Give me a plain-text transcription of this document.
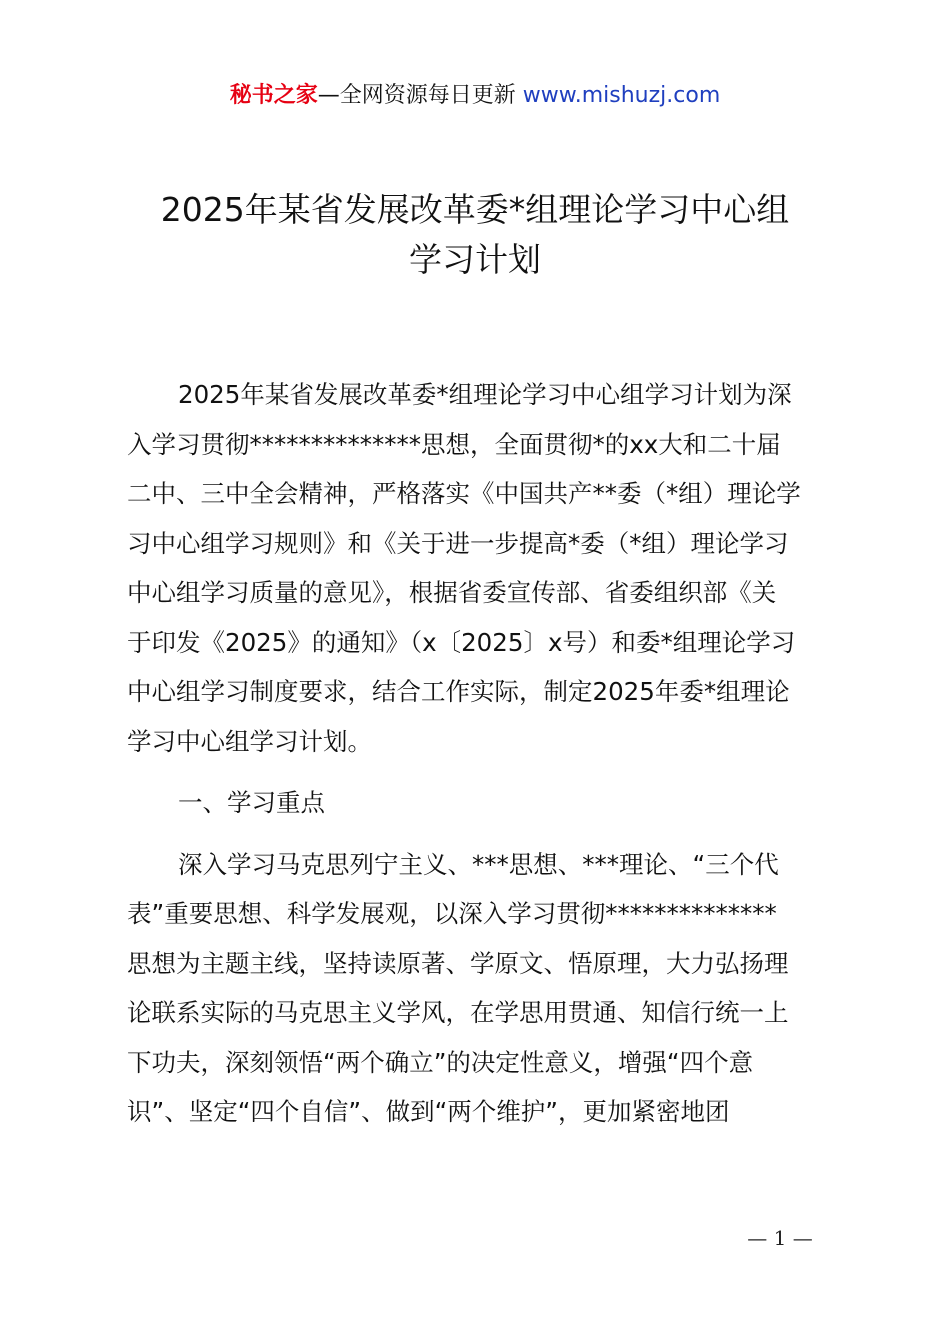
秘书之家—全网资源每日更新 www.mishuzj.com
2025年某省发展改革委*组理论学习中心组
学习计划
2025年某省发展改革委*组理论学习中心组学习计划为深
入学习贯彻**************思想，全面贯彻*的xx大和二十届
二中、三中全会精神，严格落实《中国共产**委（*组）理论学
习中心组学习规则》和《关于进一步提高*委（*组）理论学习
中心组学习质量的意见》，根据省委宣传部、省委组织部《关
于印发《2025》的通知》（x〔2025〕x号）和委*组理论学习
中心组学习制度要求，结合工作实际，制定2025年委*组理论
学习中心组学习计划。
一、学习重点
深入学习马克思列宁主义、***思想、***理论、“三个代
表”重要思想、科学发展观，以深入学习贯彻**************
思想为主题主线，坚持读原著、学原文、悟原理，大力弘扬理
论联系实际的马克思主义学风，在学思用贯通、知信行统一上
下功夫，深刻领悟“两个确立”的决定性意义，增强“四个意
识”、坚定“四个自信”、做到“两个维护”，更加紧密地团
— 1 —
